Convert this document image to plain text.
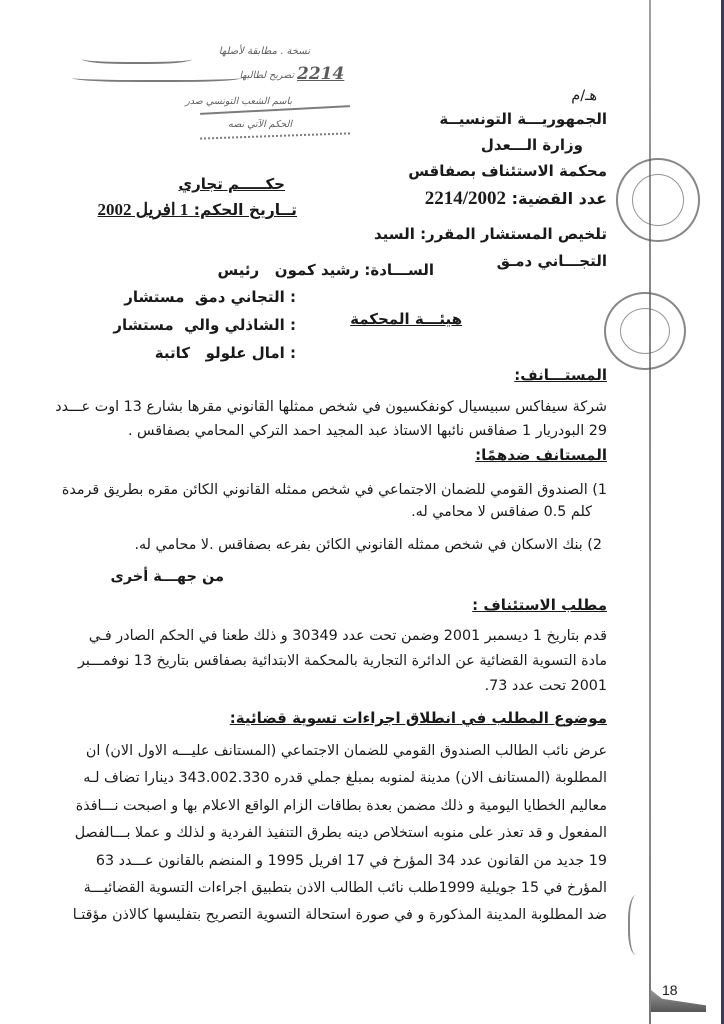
نسخة . مطابقة لأصلها
2214
تصريح لطالبها
باسم الشعب التونسي صدر
الحكم الآتي نصه
هـ/م
الجمهوريـــة التونسيــة
وزارة الـــعدل
محكمة الاستئناف بصفاقس
عدد القضية: 2214/2002
تلخيص المستشار المقرر: السيد
التجـــاني دمـق
حكـــــم تجاري
تــاريخ الحكم: 1 افريل 2002
هيئـــة المحكمة
الســـادة: رشيد كمون   رئيس
: التجاني دمق  مستشار
: الشاذلي والي  مستشار
: امال علولو   كاتبة
المستـــانف:
شركة سيفاكس سبيسيال كونفكسيون في شخص ممثلها القانوني مقرها بشارع 13 اوت عـــدد
29 البودريار 1 صفاقس نائبها الاستاذ عبد المجيد احمد التركي المحامي بصفاقس .
المستانف ضدهمًا:
1) الصندوق القومي للضمان الاجتماعي في شخص ممثله القانوني الكائن مقره بطريق قرمدة
كلم 0.5 صفاقس لا محامي له.
2) بنك الاسكان في شخص ممثله القانوني الكائن بفرعه بصفاقس .لا محامي له.
من جهـــة أخرى
مطلب الاستئناف :
قدم بتاريخ 1 ديسمبر 2001 وضمن تحت عدد 30349 و ذلك طعنا في الحكم الصادر فـي
مادة التسوية القضائية عن الدائرة التجارية بالمحكمة الابتدائية بصفاقس بتاريخ 13 نوفمـــبر
2001 تحت عدد 73.
موضوع المطلب في انطلاق اجراءات تسوية قضائية:
عرض نائب الطالب الصندوق القومي للضمان الاجتماعي (المستانف عليـــه الاول الان) ان
المطلوبة (المستانف الان) مدينة لمنوبه بمبلغ جملي قدره 343.002.330 دينارا تضاف لـه
معاليم الخطايا اليومية و ذلك مضمن بعدة بطاقات الزام الواقع الاعلام بها و اصبحت نـــافذة
المفعول و قد تعذر على منوبه استخلاص دينه بطرق التنفيذ الفردية و لذلك و عملا بـــالفصل
19 جديد من القانون عدد 34 المؤرخ في 17 افريل 1995 و المنضم بالقانون عـــدد 63
المؤرخ في 15 جويلية 1999طلب نائب الطالب الاذن بتطبيق اجراءات التسوية القضائيـــة
ضد المطلوبة المدينة المذكورة و في صورة استحالة التسوية التصريح بتفليسها كالاذن مؤقتـا
18
